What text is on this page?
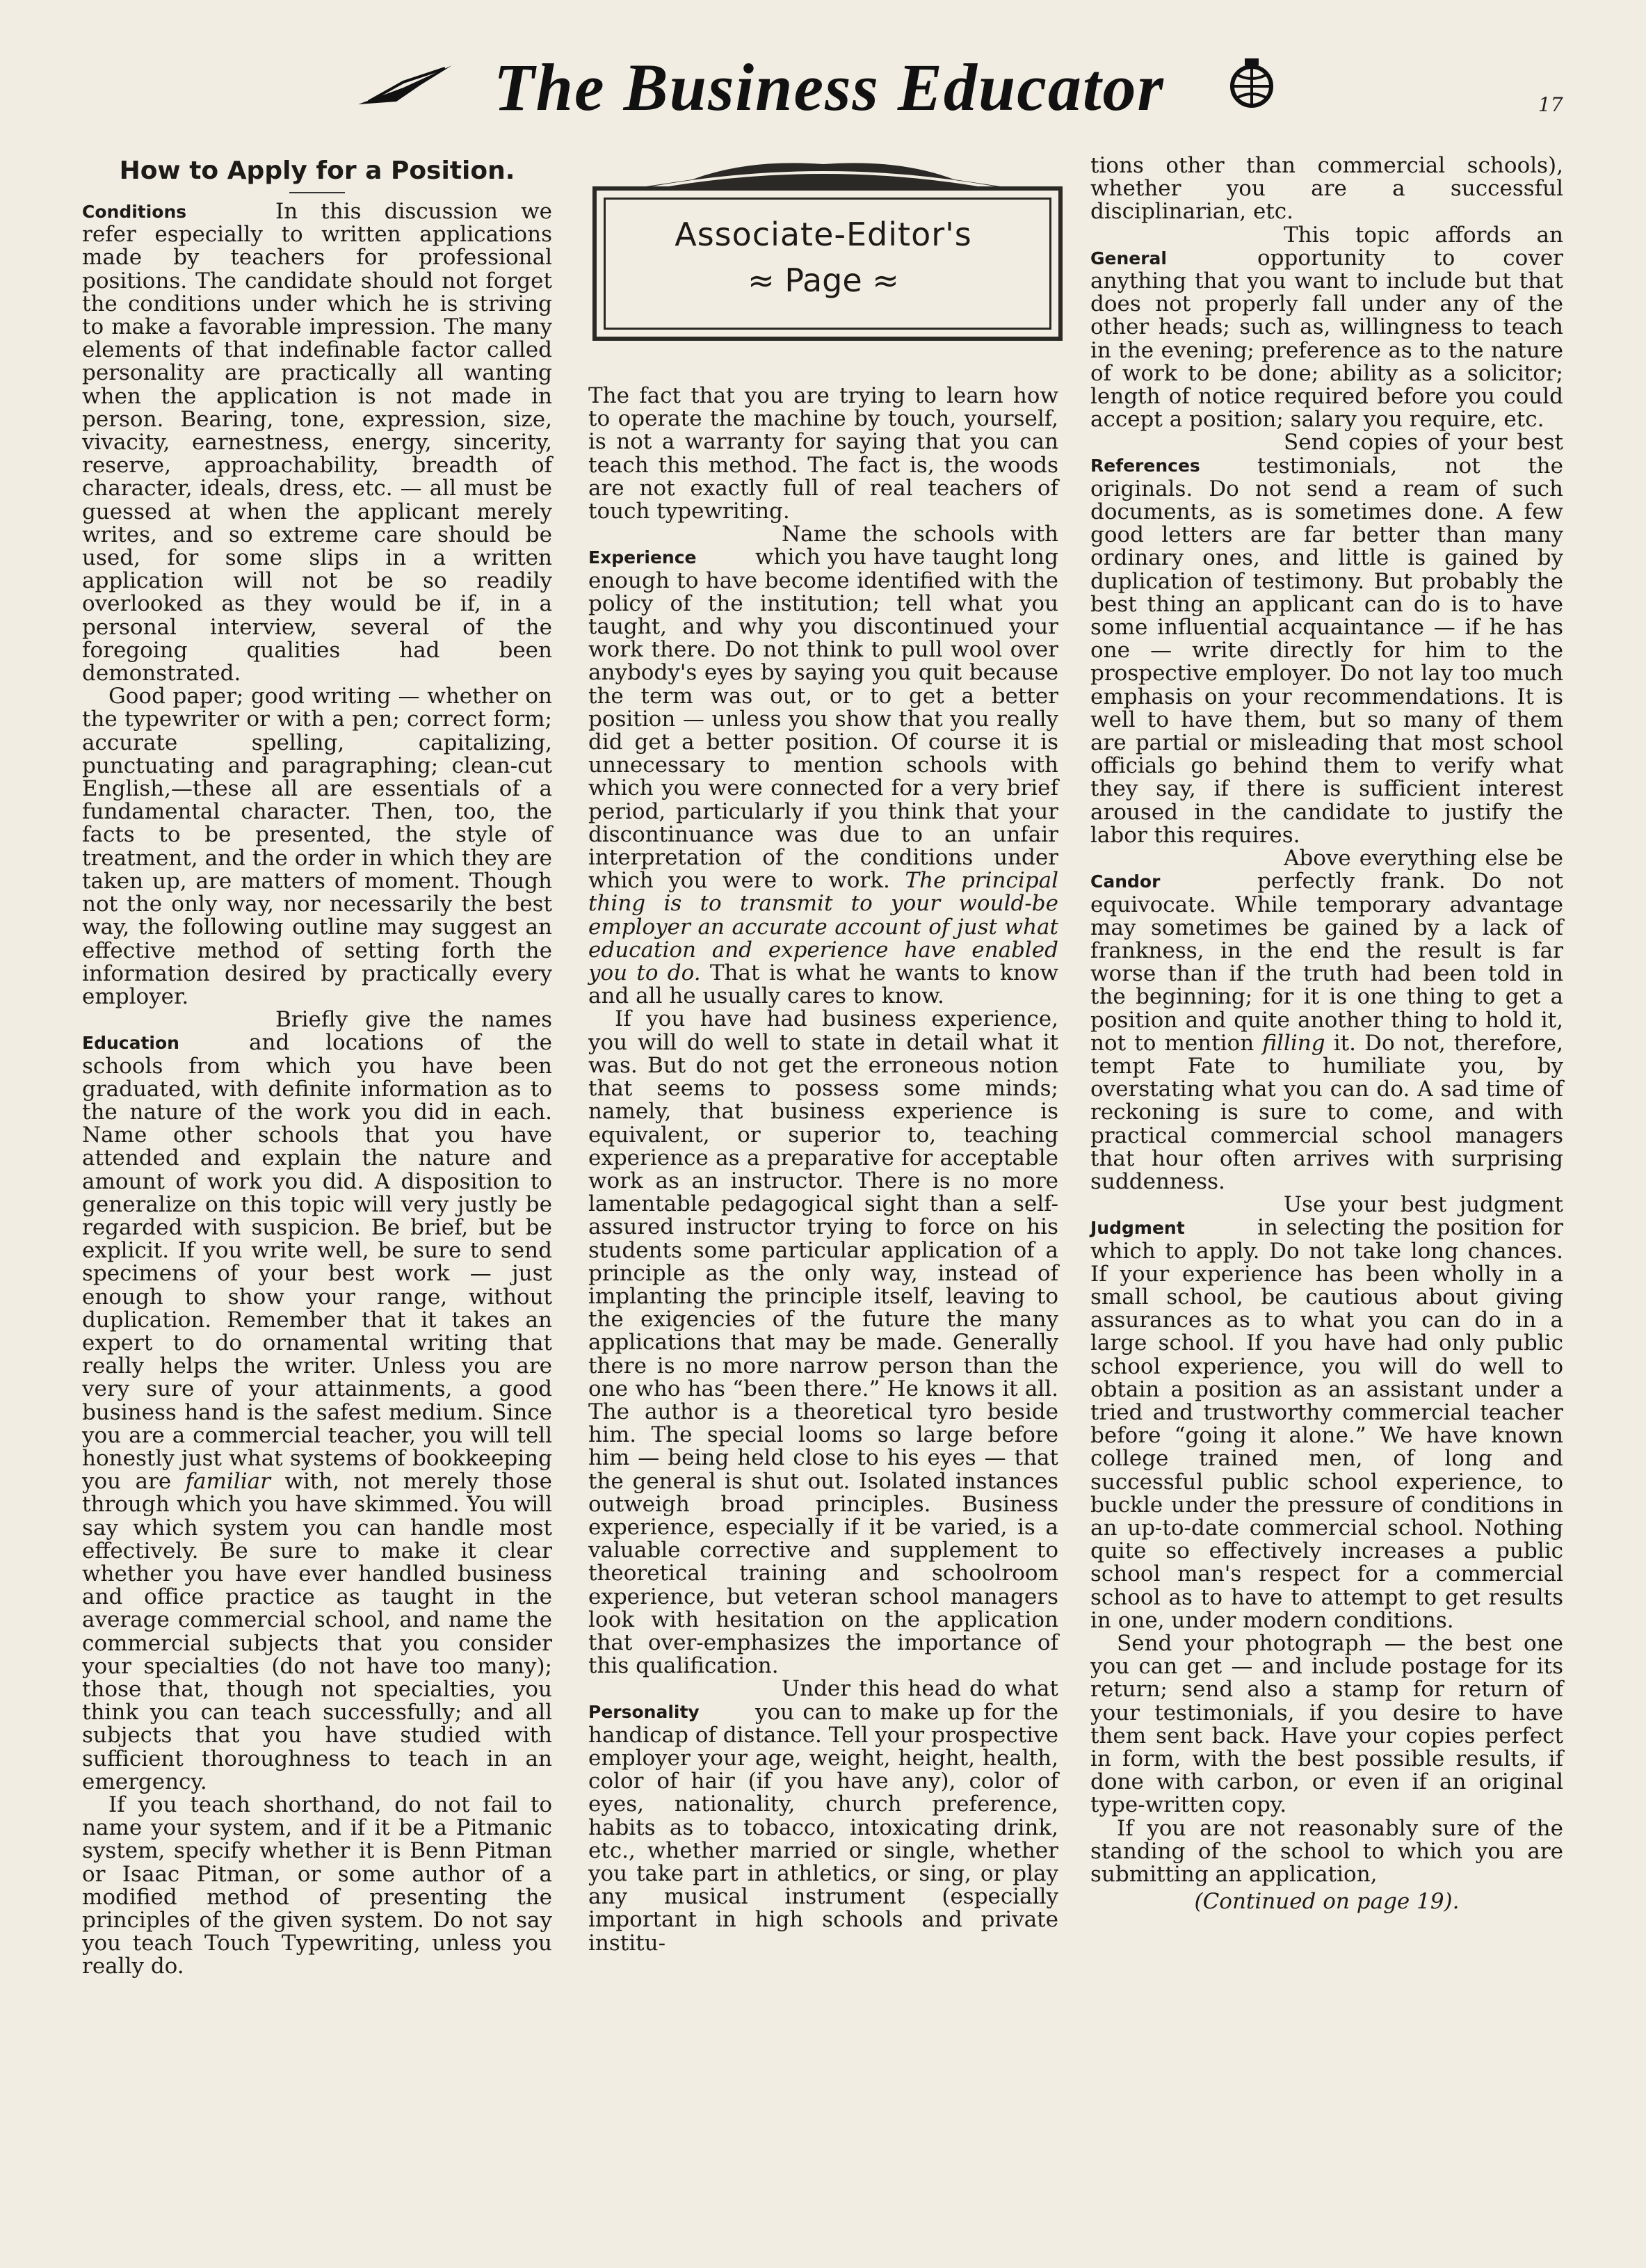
The Business Educator	17
How to Apply for a Position.
Conditions	In this discussion we refer especially to written applications made by teachers for professional positions. The candidate should not forget the conditions under which he is striving to make a favorable impression. The many elements of that indefinable factor called personality are practically all wanting when the application is not made in person. Bearing, tone, expression, size, vivacity, earnestness, energy, sincerity, reserve, approachability, breadth of character, ideals, dress, etc. — all must be guessed at when the applicant merely writes, and so extreme care should be used, for some slips in a written application will not be so readily overlooked as they would be if, in a personal interview, several of the foregoing qualities had been demonstrated.

Good paper; good writing — whether on the typewriter or with a pen; correct form; accurate spelling, capitalizing, punctuating and paragraphing; clean-cut English,—these all are essentials of a fundamental character. Then, too, the facts to be presented, the style of treatment, and the order in which they are taken up, are matters of moment. Though not the only way, nor necessarily the best way, the following outline may suggest an effective method of setting forth the information desired by practically every employer.

Education

Briefly give the names and locations of the schools from which you have been graduated, with definite information as to the nature of the work you did in each. Name other schools that you have attended and explain the nature and amount of work you did. A disposition to generalize on this topic will very justly be regarded with suspicion. Be brief, but be explicit. If you write well, be sure to send specimens of your best work — just enough to show your range, without duplication. Remember that it takes an expert to do ornamental writing that really helps the writer. Unless you are very sure of your attainments, a good business hand is the safest medium. Since you are a commercial teacher, you will tell honestly just what systems of bookkeeping you are familiar with, not merely those through which you have skimmed. You will say which system you can handle most effectively. Be sure to make it clear whether you have ever handled business and office practice as taught in the average commercial school, and name the commercial subjects that you consider your specialties (do not have too many); those that, though not specialties, you think you can teach successfully; and all subjects that you have studied with sufficient thoroughness to teach in an emergency.

If you teach shorthand, do not fail to name your system, and if it be a Pitmanic system, specify whether it is Benn Pitman or Isaac Pitman, or some author of a modified method of presenting the principles of the given system. Do not say you teach Touch Typewriting, unless you really do.

Associate-Editor's
≈ Page ≈

The fact that you are trying to learn how to operate the machine by touch, yourself, is not a warranty for saying that you can teach this method. The fact is, the woods are not exactly full of real teachers of touch typewriting.

Experience

Name the schools with which you have taught long enough to have become identified with the policy of the institution; tell what you taught, and why you discontinued your work there. Do not think to pull wool over anybody's eyes by saying you quit because the term was out, or to get a better position — unless you show that you really did get a better position. Of course it is unnecessary to mention schools with which you were connected for a very brief period, particularly if you think that your discontinuance was due to an unfair interpretation of the conditions under which you were to work. The principal thing is to transmit to your would-be employer an accurate account of just what education and experience have enabled you to do. That is what he wants to know and all he usually cares to know.

If you have had business experience, you will do well to state in detail what it was. But do not get the erroneous notion that seems to possess some minds; namely, that business experience is equivalent, or superior to, teaching experience as a preparative for acceptable work as an instructor. There is no more lamentable pedagogical sight than a self-assured instructor trying to force on his students some particular application of a principle as the only way, instead of implanting the principle itself, leaving to the exigencies of the future the many applications that may be made. Generally there is no more narrow person than the one who has “been there.” He knows it all. The author is a theoretical tyro beside him. The special looms so large before him — being held close to his eyes — that the general is shut out. Isolated instances outweigh broad principles. Business experience, especially if it be varied, is a valuable corrective and supplement to theoretical training and schoolroom experience, but veteran school managers look with hesitation on the application that over-emphasizes the importance of this qualification.

Personality

Under this head do what you can to make up for the handicap of distance. Tell your prospective employer your age, weight, height, health, color of hair (if you have any), color of eyes, nationality, church preference, habits as to tobacco, intoxicating drink, etc., whether married or single, whether you take part in athletics, or sing, or play any musical instrument (especially important in high schools and private institu-

tions other than commercial schools), whether you are a successful disciplinarian, etc.

General

This topic affords an opportunity to cover anything that you want to include but that does not properly fall under any of the other heads; such as, willingness to teach in the evening; preference as to the nature of work to be done; ability as a solicitor; length of notice required before you could accept a position; salary you require, etc.

References

Send copies of your best testimonials, not the originals. Do not send a ream of such documents, as is sometimes done. A few good letters are far better than many ordinary ones, and little is gained by duplication of testimony. But probably the best thing an applicant can do is to have some influential acquaintance — if he has one — write directly for him to the prospective employer. Do not lay too much emphasis on your recommendations. It is well to have them, but so many of them are partial or misleading that most school officials go behind them to verify what they say, if there is sufficient interest aroused in the candidate to justify the labor this requires.

Candor

Above everything else be perfectly frank. Do not equivocate. While temporary advantage may sometimes be gained by a lack of frankness, in the end the result is far worse than if the truth had been told in the beginning; for it is one thing to get a position and quite another thing to hold it, not to mention filling it. Do not, therefore, tempt Fate to humiliate you, by overstating what you can do. A sad time of reckoning is sure to come, and with practical commercial school managers that hour often arrives with surprising suddenness.

Judgment

Use your best judgment in selecting the position for which to apply. Do not take long chances. If your experience has been wholly in a small school, be cautious about giving assurances as to what you can do in a large school. If you have had only public school experience, you will do well to obtain a position as an assistant under a tried and trustworthy commercial teacher before “going it alone.” We have known college trained men, of long and successful public school experience, to buckle under the pressure of conditions in an up-to-date commercial school. Nothing quite so effectively increases a public school man's respect for a commercial school as to have to attempt to get results in one, under modern conditions.

Send your photograph — the best one you can get — and include postage for its return; send also a stamp for return of your testimonials, if you desire to have them sent back. Have your copies perfect in form, with the best possible results, if done with carbon, or even if an original type-written copy.

If you are not reasonably sure of the standing of the school to which you are submitting an application,

(Continued on page 19).
